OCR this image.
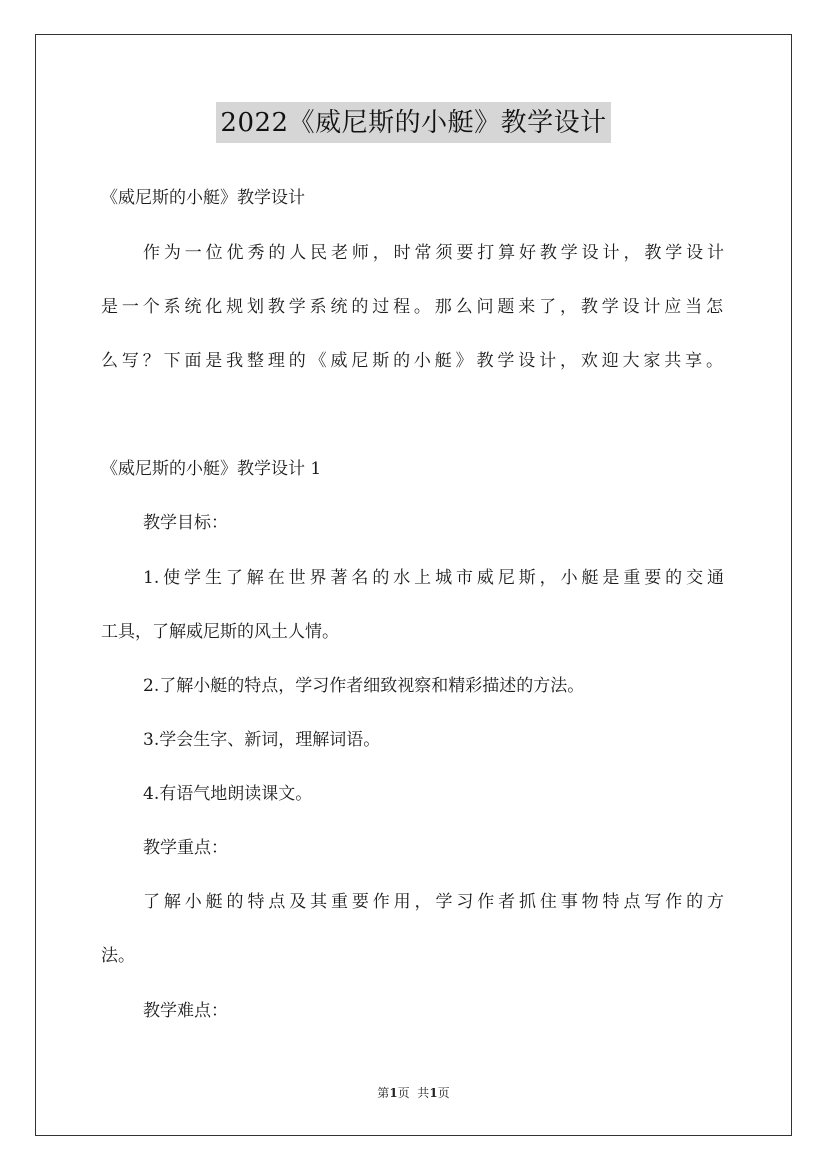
2022《威尼斯的小艇》教学设计
《威尼斯的小艇》教学设计
作为一位优秀的人民老师，时常须要打算好教学设计，教学设计
是一个系统化规划教学系统的过程。那么问题来了，教学设计应当怎
么写？下面是我整理的《威尼斯的小艇》教学设计，欢迎大家共享。
《威尼斯的小艇》教学设计 1
教学目标：
1.使学生了解在世界著名的水上城市威尼斯，小艇是重要的交通
工具，了解威尼斯的风土人情。
2.了解小艇的特点，学习作者细致视察和精彩描述的方法。
3.学会生字、新词，理解词语。
4.有语气地朗读课文。
教学重点：
了解小艇的特点及其重要作用，学习作者抓住事物特点写作的方
法。
教学难点：
第1页  共1页
